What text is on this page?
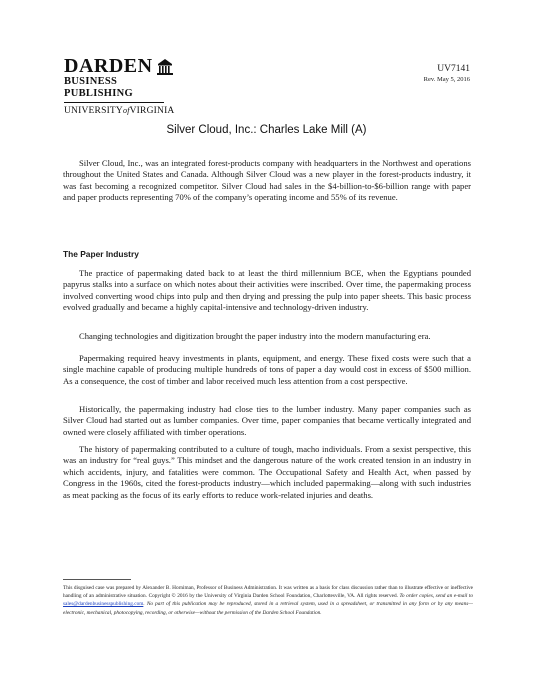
DARDEN
BUSINESS PUBLISHING
UNIVERSITYofVIRGINIA
UV7141
Rev. May 5, 2016
Silver Cloud, Inc.: Charles Lake Mill (A)

Silver Cloud, Inc., was an integrated forest-products company with headquarters in the Northwest and operations throughout the United States and Canada. Although Silver Cloud was a new player in the forest-products industry, it was fast becoming a recognized competitor. Silver Cloud had sales in the $4-billion-to-$6-billion range with paper and paper products representing 70% of the company’s operating income and 55% of its revenue.

The Paper Industry

The practice of papermaking dated back to at least the third millennium BCE, when the Egyptians pounded papyrus stalks into a surface on which notes about their activities were inscribed. Over time, the papermaking process involved converting wood chips into pulp and then drying and pressing the pulp into paper sheets. This basic process evolved gradually and became a highly capital-intensive and technology-driven industry.

Changing technologies and digitization brought the paper industry into the modern manufacturing era.

Papermaking required heavy investments in plants, equipment, and energy. These fixed costs were such that a single machine capable of producing multiple hundreds of tons of paper a day would cost in excess of $500 million. As a consequence, the cost of timber and labor received much less attention from a cost perspective.

Historically, the papermaking industry had close ties to the lumber industry. Many paper companies such as Silver Cloud had started out as lumber companies. Over time, paper companies that became vertically integrated and owned were closely affiliated with timber operations.

The history of papermaking contributed to a culture of tough, macho individuals. From a sexist perspective, this was an industry for “real guys.” This mindset and the dangerous nature of the work created tension in an industry in which accidents, injury, and fatalities were common. The Occupational Safety and Health Act, when passed by Congress in the 1960s, cited the forest-products industry—which included papermaking—along with such industries as meat packing as the focus of its early efforts to reduce work-related injuries and deaths.

This disguised case was prepared by Alexander B. Horniman, Professor of Business Administration. It was written as a basis for class discussion rather than to illustrate effective or ineffective handling of an administrative situation. Copyright © 2016 by the University of Virginia Darden School Foundation, Charlottesville, VA. All rights reserved. To order copies, send an e-mail to sales@dardenbusinesspublishing.com. No part of this publication may be reproduced, stored in a retrieval system, used in a spreadsheet, or transmitted in any form or by any means—electronic, mechanical, photocopying, recording, or otherwise—without the permission of the Darden School Foundation.
